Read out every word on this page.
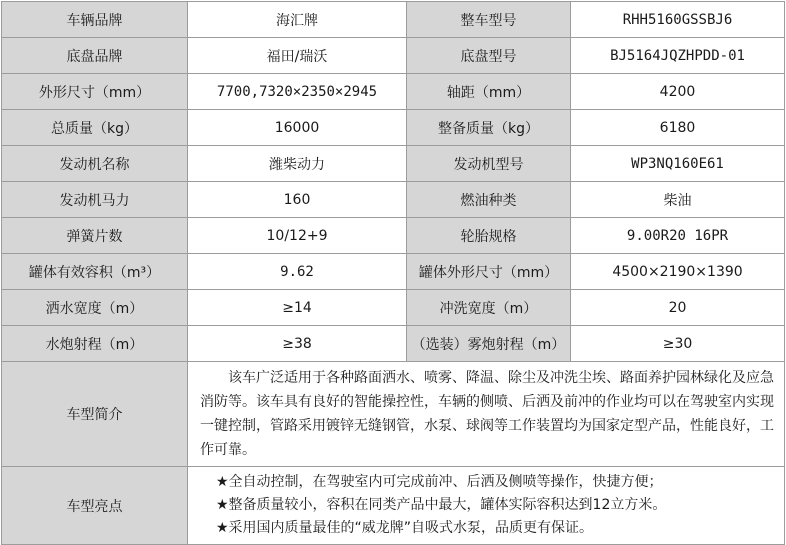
车辆品牌	海汇牌	整车型号	RHH5160GSSBJ6
底盘品牌	福田/瑞沃	底盘型号	BJ5164JQZHPDD-01
外形尺寸（mm）	7700,7320×2350×2945	轴距（mm）	4200
总质量（kg）	16000	整备质量（kg）	6180
发动机名称	潍柴动力	发动机型号	WP3NQ160E61
发动机马力	160	燃油种类	柴油
弹簧片数	10/12+9	轮胎规格	9.00R20 16PR
罐体有效容积（m³）	9.62	罐体外形尺寸（mm）	4500×2190×1390
洒水宽度（m）	≥14	冲洗宽度（m）	20
水炮射程（m）	≥38	（选装）雾炮射程（m）	≥30
车型简介	该车广泛适用于各种路面洒水、喷雾、降温、除尘及冲洗尘埃、路面养护园林绿化及应急消防等。该车具有良好的智能操控性，车辆的侧喷、后洒及前冲的作业均可以在驾驶室内实现一键控制，管路采用镀锌无缝钢管，水泵、球阀等工作装置均为国家定型产品，性能良好，工作可靠。		

车型亮点	★全自动控制，在驾驶室内可完成前冲、后洒及侧喷等操作，快捷方便；
★整备质量较小，容积在同类产品中最大，罐体实际容积达到12立方米。
★采用国内质量最佳的“威龙牌”自吸式水泵，品质更有保证。		
